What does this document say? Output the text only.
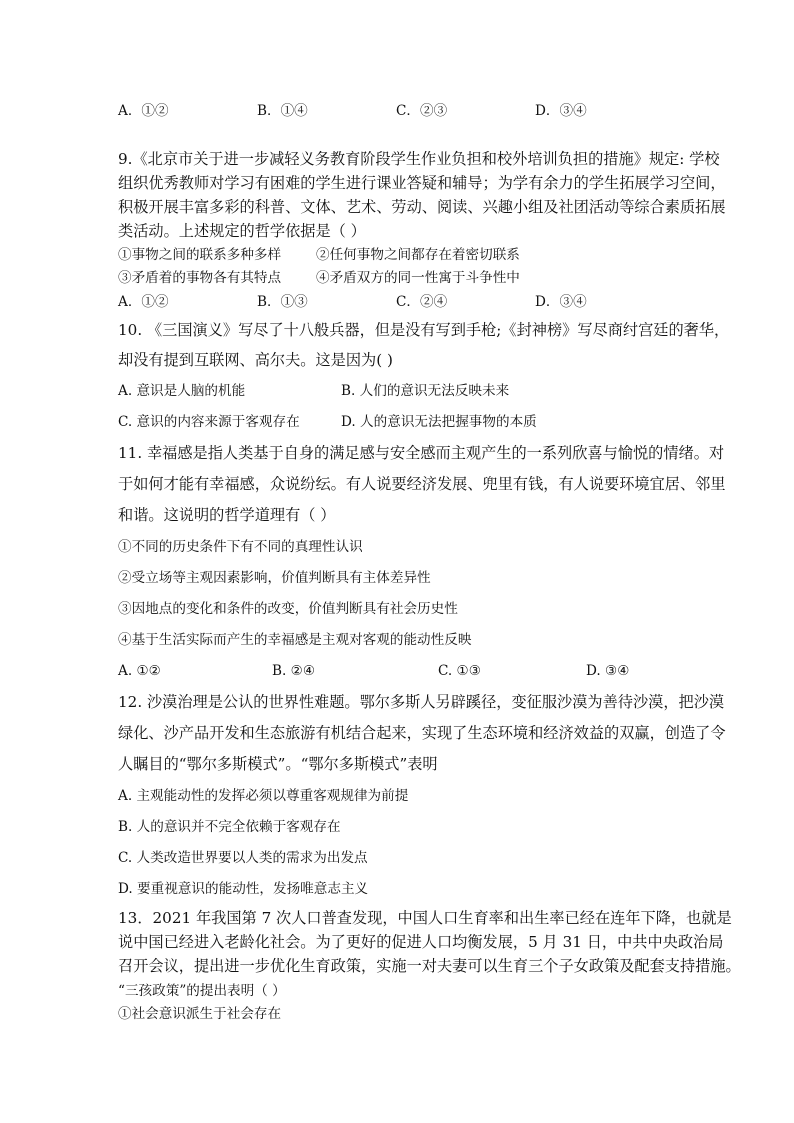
A．①②	B．①④	C．②③	D．③④
9.《北京市关于进一步减轻义务教育阶段学生作业负担和校外培训负担的措施》规定: 学校
组织优秀教师对学习有困难的学生进行课业答疑和辅导；为学有余力的学生拓展学习空间，
积极开展丰富多彩的科普、文体、艺术、劳动、阅读、兴趣小组及社团活动等综合素质拓展
类活动。上述规定的哲学依据是（ ）
①事物之间的联系多种多样	②任何事物之间都存在着密切联系
③矛盾着的事物各有其特点	④矛盾双方的同一性寓于斗争性中
A．①②	B．①③	C．②④	D．③④
10. 《三国演义》写尽了十八般兵器，但是没有写到手枪;《封神榜》写尽商纣宫廷的奢华，
却没有提到互联网、高尔夫。这是因为( )
A. 意识是人脑的机能	B. 人们的意识无法反映未来
C. 意识的内容来源于客观存在	D. 人的意识无法把握事物的本质
11. 幸福感是指人类基于自身的满足感与安全感而主观产生的一系列欣喜与愉悦的情绪。对
于如何才能有幸福感，众说纷纭。有人说要经济发展、兜里有钱，有人说要环境宜居、邻里
和谐。这说明的哲学道理有（ ）
①不同的历史条件下有不同的真理性认识
②受立场等主观因素影响，价值判断具有主体差异性
③因地点的变化和条件的改变，价值判断具有社会历史性
④基于生活实际而产生的幸福感是主观对客观的能动性反映
A. ①②	B. ②④	C. ①③	D. ③④
12. 沙漠治理是公认的世界性难题。鄂尔多斯人另辟蹊径，变征服沙漠为善待沙漠，把沙漠
绿化、沙产品开发和生态旅游有机结合起来，实现了生态环境和经济效益的双赢，创造了令
人瞩目的“鄂尔多斯模式”。“鄂尔多斯模式”表明
A. 主观能动性的发挥必须以尊重客观规律为前提
B. 人的意识并不完全依赖于客观存在
C. 人类改造世界要以人类的需求为出发点
D. 要重视意识的能动性，发扬唯意志主义
13．2021 年我国第 7 次人口普查发现，中国人口生育率和出生率已经在连年下降，也就是
说中国已经进入老龄化社会。为了更好的促进人口均衡发展，5 月 31 日，中共中央政治局
召开会议，提出进一步优化生育政策，实施一对夫妻可以生育三个子女政策及配套支持措施。
“三孩政策”的提出表明（ ）
①社会意识派生于社会存在
